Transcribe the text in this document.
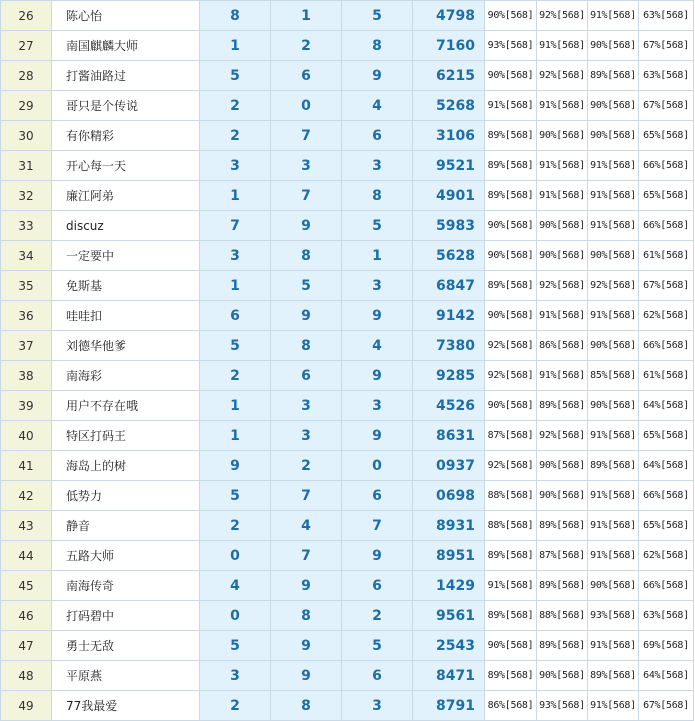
26	陈心怡	8	1	5	4798	90%[568]	92%[568]	91%[568]	63%[568]
27	南国麒麟大师	1	2	8	7160	93%[568]	91%[568]	90%[568]	67%[568]
28	打酱油路过	5	6	9	6215	90%[568]	92%[568]	89%[568]	63%[568]
29	哥只是个传说	2	0	4	5268	91%[568]	91%[568]	90%[568]	67%[568]
30	有你精彩	2	7	6	3106	89%[568]	90%[568]	90%[568]	65%[568]
31	开心每一天	3	3	3	9521	89%[568]	91%[568]	91%[568]	66%[568]
32	廉江阿弟	1	7	8	4901	89%[568]	91%[568]	91%[568]	65%[568]
33	discuz	7	9	5	5983	90%[568]	90%[568]	91%[568]	66%[568]
34	一定要中	3	8	1	5628	90%[568]	90%[568]	90%[568]	61%[568]
35	免斯基	1	5	3	6847	89%[568]	92%[568]	92%[568]	67%[568]
36	哇哇扣	6	9	9	9142	90%[568]	91%[568]	91%[568]	62%[568]
37	刘德华他爹	5	8	4	7380	92%[568]	86%[568]	90%[568]	66%[568]
38	南海彩	2	6	9	9285	92%[568]	91%[568]	85%[568]	61%[568]
39	用户不存在哦	1	3	3	4526	90%[568]	89%[568]	90%[568]	64%[568]
40	特区打码王	1	3	9	8631	87%[568]	92%[568]	91%[568]	65%[568]
41	海岛上的树	9	2	0	0937	92%[568]	90%[568]	89%[568]	64%[568]
42	低势力	5	7	6	0698	88%[568]	90%[568]	91%[568]	66%[568]
43	静音	2	4	7	8931	88%[568]	89%[568]	91%[568]	65%[568]
44	五路大师	0	7	9	8951	89%[568]	87%[568]	91%[568]	62%[568]
45	南海传奇	4	9	6	1429	91%[568]	89%[568]	90%[568]	66%[568]
46	打码碧中	0	8	2	9561	89%[568]	88%[568]	93%[568]	63%[568]
47	勇士无敌	5	9	5	2543	90%[568]	89%[568]	91%[568]	69%[568]
48	平原燕	3	9	6	8471	89%[568]	90%[568]	89%[568]	64%[568]
49	77我最爱	2	8	3	8791	86%[568]	93%[568]	91%[568]	67%[568]
